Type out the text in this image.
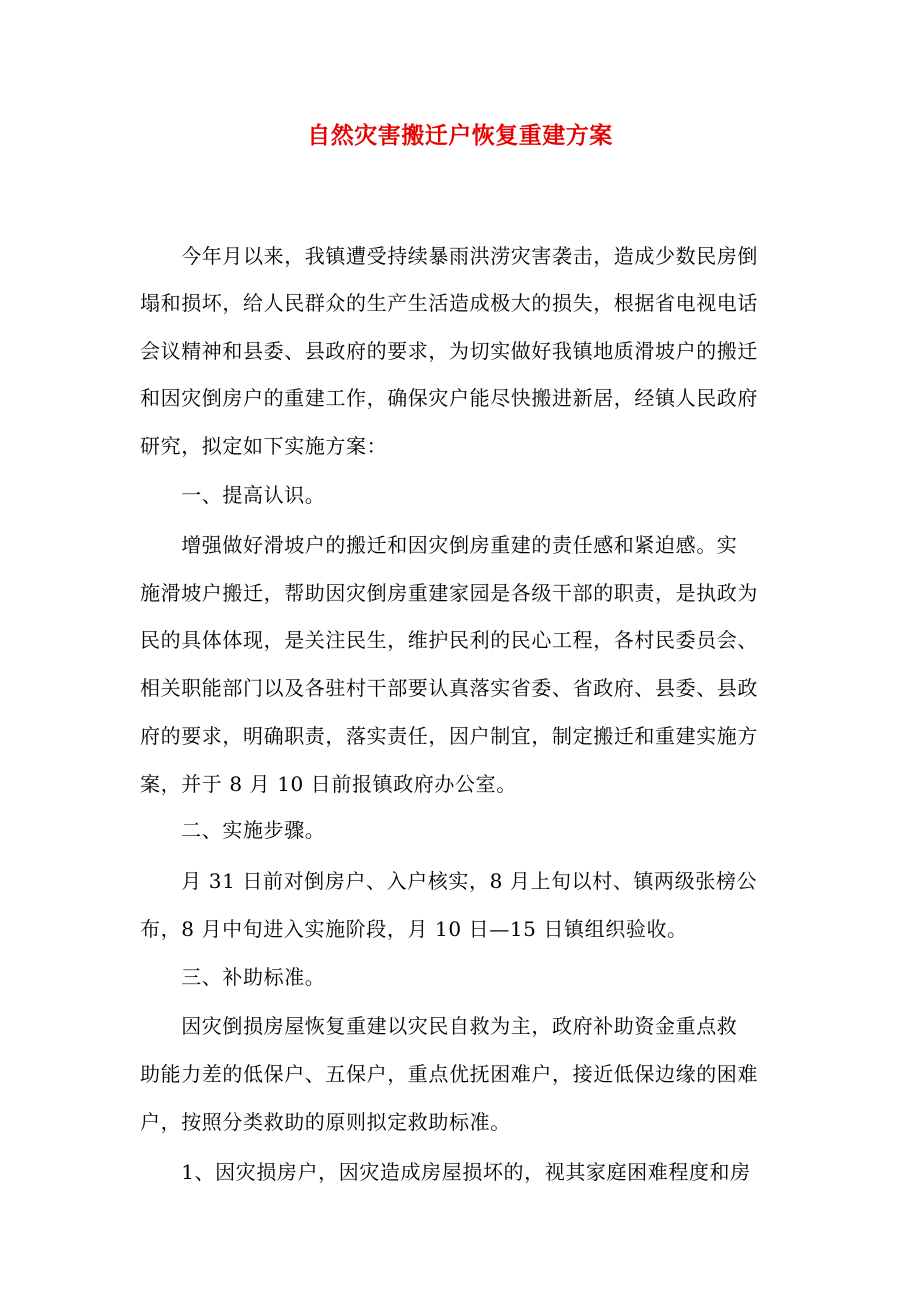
自然灾害搬迁户恢复重建方案
　　今年月以来，我镇遭受持续暴雨洪涝灾害袭击，造成少数民房倒
塌和损坏，给人民群众的生产生活造成极大的损失，根据省电视电话
会议精神和县委、县政府的要求，为切实做好我镇地质滑坡户的搬迁
和因灾倒房户的重建工作，确保灾户能尽快搬进新居，经镇人民政府
研究，拟定如下实施方案：
　　一、提高认识。
　　增强做好滑坡户的搬迁和因灾倒房重建的责任感和紧迫感。实
施滑坡户搬迁，帮助因灾倒房重建家园是各级干部的职责，是执政为
民的具体体现，是关注民生，维护民利的民心工程，各村民委员会、
相关职能部门以及各驻村干部要认真落实省委、省政府、县委、县政
府的要求，明确职责，落实责任，因户制宜，制定搬迁和重建实施方
案，并于 8 月 10 日前报镇政府办公室。
　　二、实施步骤。
　　月 31 日前对倒房户、入户核实，8 月上旬以村、镇两级张榜公
布，8 月中旬进入实施阶段，月 10 日—15 日镇组织验收。
　　三、补助标准。
　　因灾倒损房屋恢复重建以灾民自救为主，政府补助资金重点救
助能力差的低保户、五保户，重点优抚困难户，接近低保边缘的困难
户，按照分类救助的原则拟定救助标准。
　　1、因灾损房户，因灾造成房屋损坏的，视其家庭困难程度和房
